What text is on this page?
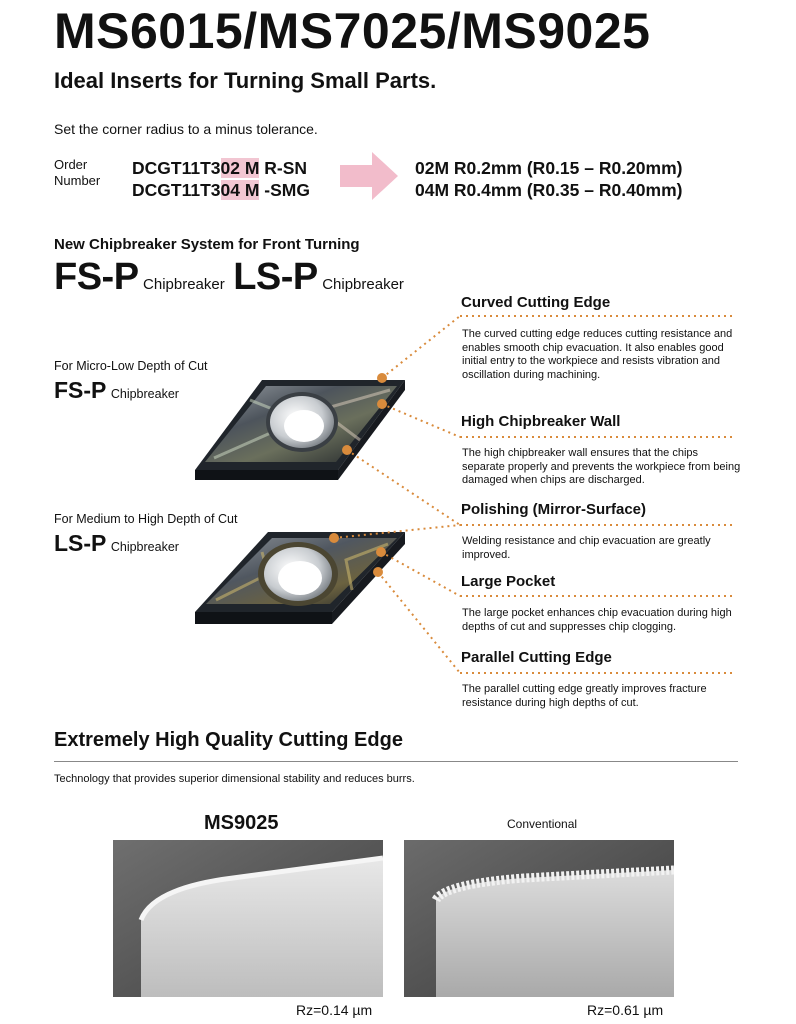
MS6015/MS7025/MS9025
Ideal Inserts for Turning Small Parts.
Set the corner radius to a minus tolerance.
Order
Number
DCGT11T302 M R-SN
DCGT11T304 M -SMG
02M R0.2mm (R0.15 – R0.20mm)
04M R0.4mm (R0.35 – R0.40mm)
New Chipbreaker System for Front Turning
FS-P Chipbreaker LS-P Chipbreaker
For Micro-Low Depth of Cut
FS-P Chipbreaker
For Medium to High Depth of Cut
LS-P Chipbreaker
Curved Cutting Edge
The curved cutting edge reduces cutting resistance and enables smooth chip evacuation. It also enables good initial entry to the workpiece and resists vibration and oscillation during machining.
High Chipbreaker Wall
The high chipbreaker wall ensures that the chips separate properly and prevents the workpiece from being damaged when chips are discharged.
Polishing (Mirror-Surface)
Welding resistance and chip evacuation are greatly improved.
Large Pocket
The large pocket enhances chip evacuation during high depths of cut and suppresses chip clogging.
Parallel Cutting Edge
The parallel cutting edge greatly improves fracture resistance during high depths of cut.
Extremely High Quality Cutting Edge
Technology that provides superior dimensional stability and reduces burrs.
MS9025	Conventional
Rz=0.14 µm	Rz=0.61 µm
